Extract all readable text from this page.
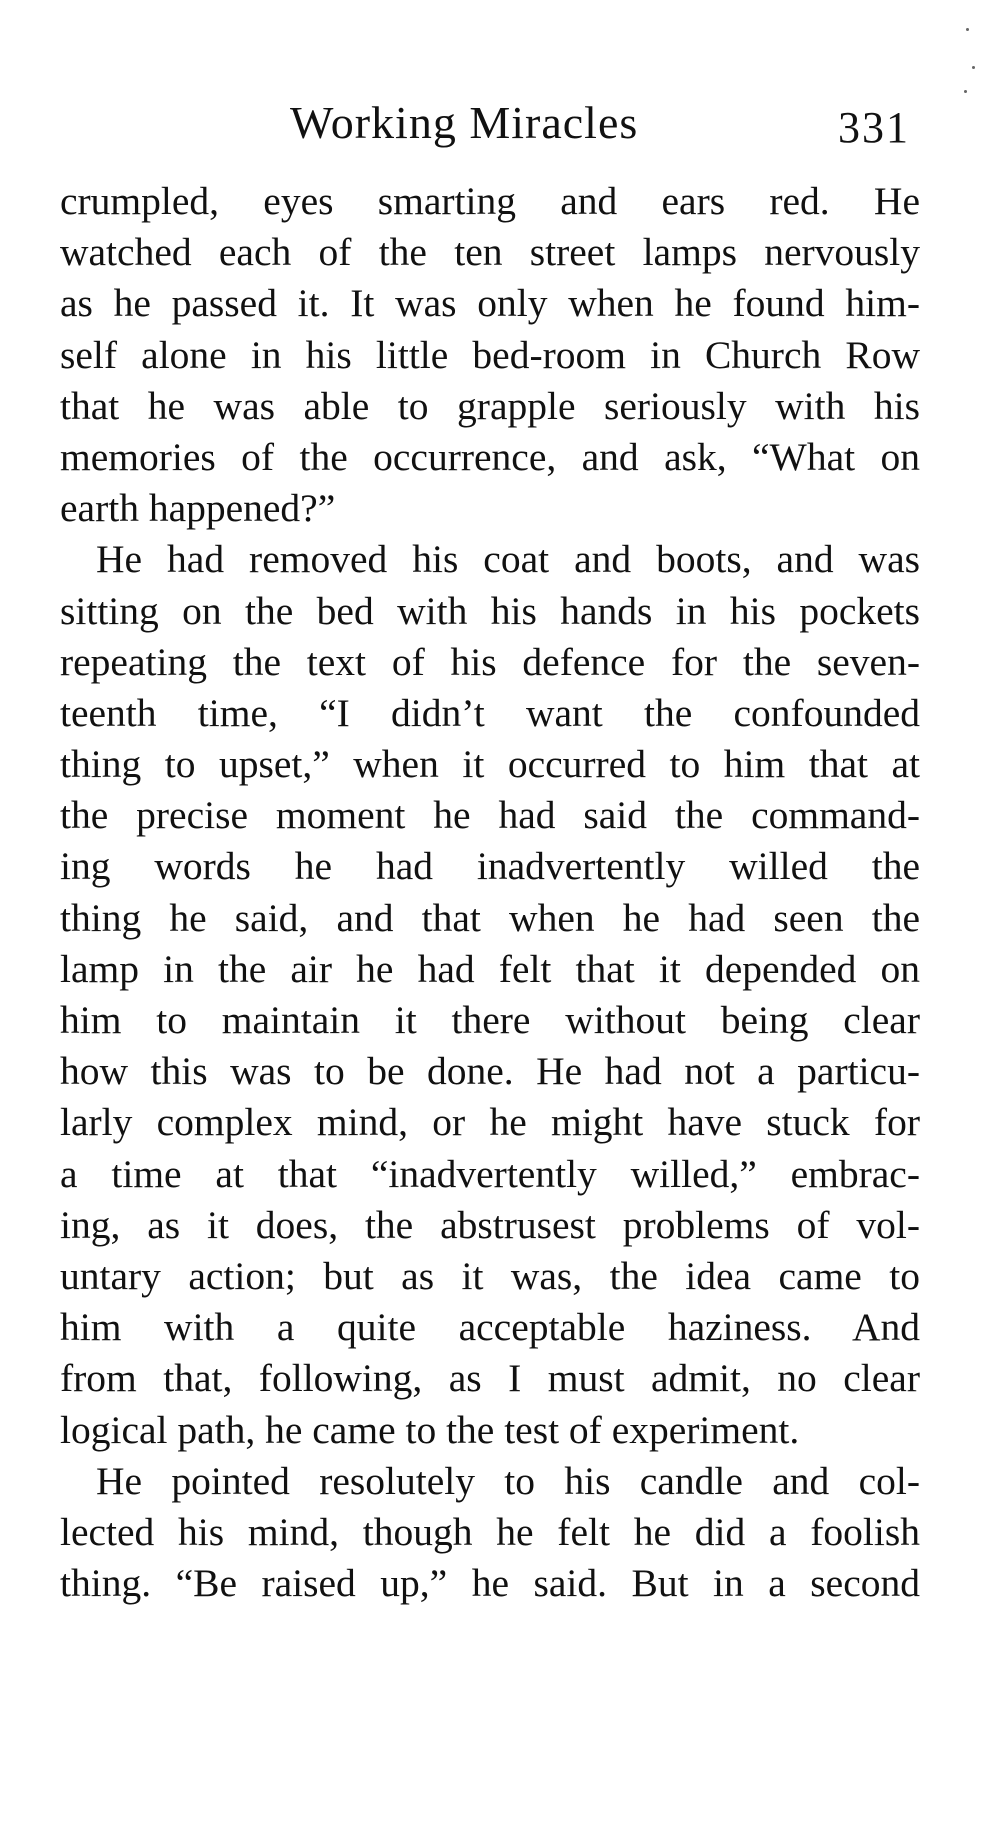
Working Miracles	331
crumpled, eyes smarting and ears red. He
watched each of the ten street lamps nervously
as he passed it. It was only when he found him-
self alone in his little bed-room in Church Row
that he was able to grapple seriously with his
memories of the occurrence, and ask, “What on
earth happened?”
He had removed his coat and boots, and was
sitting on the bed with his hands in his pockets
repeating the text of his defence for the seven-
teenth time, “I didn’t want the confounded
thing to upset,” when it occurred to him that at
the precise moment he had said the command-
ing words he had inadvertently willed the
thing he said, and that when he had seen the
lamp in the air he had felt that it depended on
him to maintain it there without being clear
how this was to be done. He had not a particu-
larly complex mind, or he might have stuck for
a time at that “inadvertently willed,” embrac-
ing, as it does, the abstrusest problems of vol-
untary action; but as it was, the idea came to
him with a quite acceptable haziness. And
from that, following, as I must admit, no clear
logical path, he came to the test of experiment.
He pointed resolutely to his candle and col-
lected his mind, though he felt he did a foolish
thing. “Be raised up,” he said. But in a second
